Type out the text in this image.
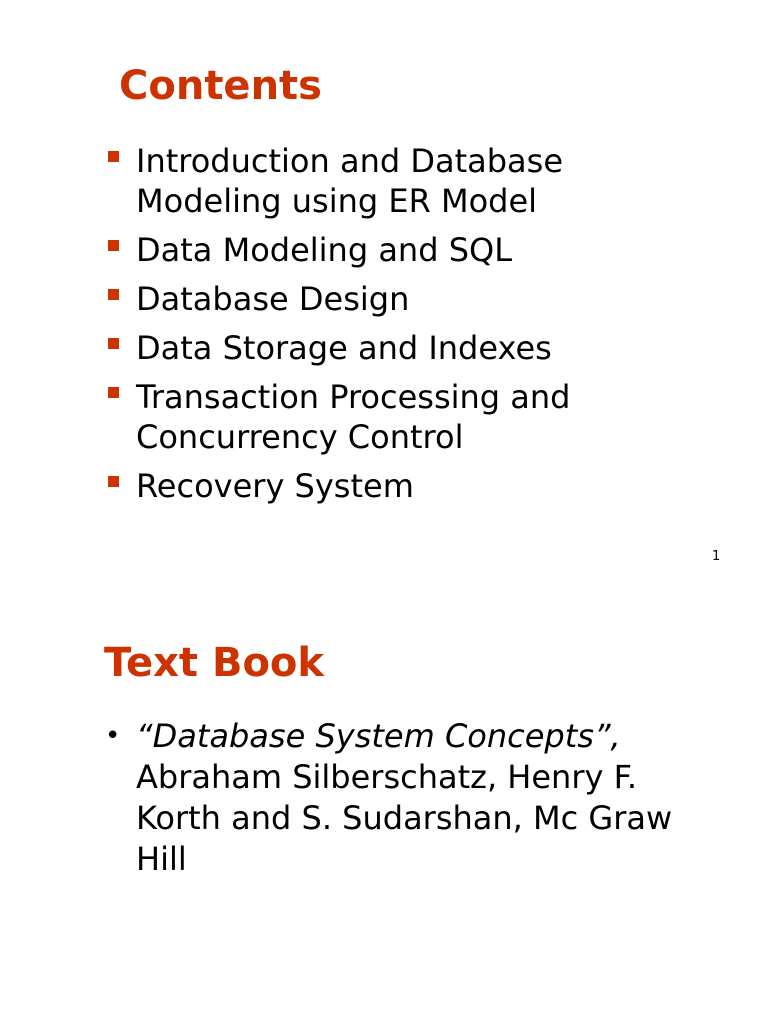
Contents
Introduction and Database
Modeling using ER Model
Data Modeling and SQL
Database Design
Data Storage and Indexes
Transaction Processing and
Concurrency Control
Recovery System
1
Text Book
• “Database System Concepts”,
Abraham Silberschatz, Henry F.
Korth and S. Sudarshan, Mc Graw
Hill
